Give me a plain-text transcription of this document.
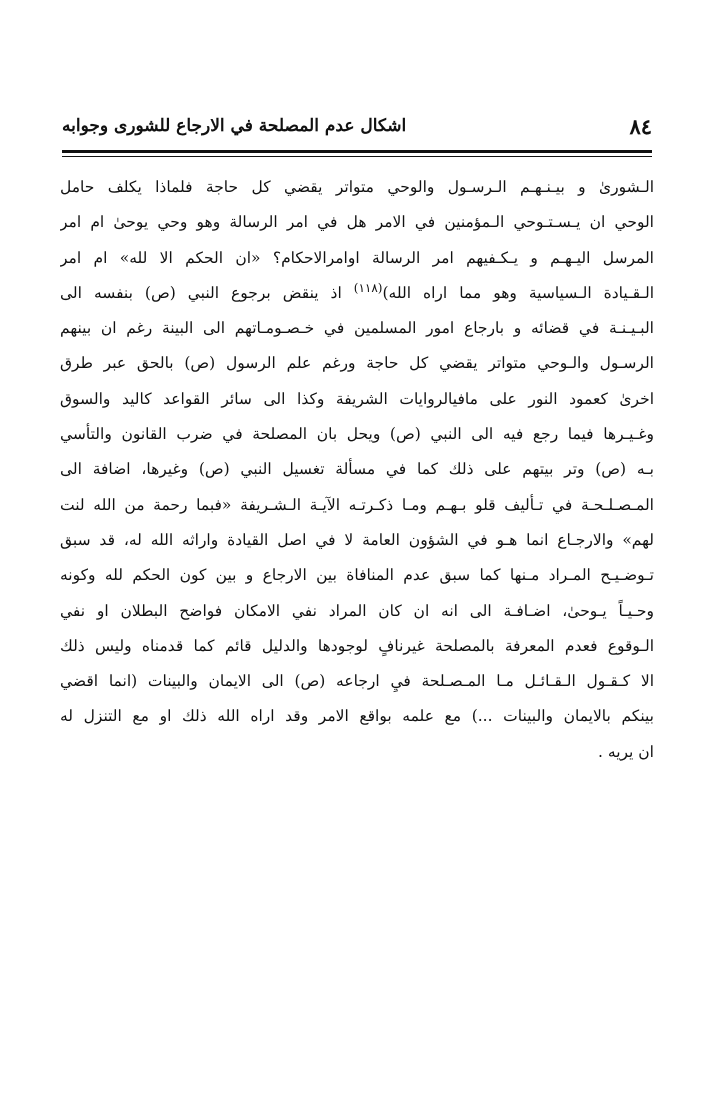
٨٤
اشكال عدم المصلحة في الارجاع للشورى وجوابه
الـشورىٰ و بيـنـهـم الـرسـول والوحي متواتر يقضي كل حاجة فلماذا يكلف حامل
الوحي ان يـسـتـوحي الـمؤمنين في الامر هل في امر الرسالة وهو وحي يوحىٰ ام امر
المرسل اليـهـم و يـكـفيهم امر الرسالة اوامرالاحكام؟ «ان الحكم الا لله» ام امر
الـقـيادة الـسياسية وهو مما اراه الله)$^{(١١٨)}$ اذ ينقض برجوع النبي (ص) بنفسه الى
البـيـنـة في قضائه و بارجاع امور المسلمين في خـصـومـاتهم الى البينة رغم ان بينهم
الرسـول والـوحي متواتر يقضي كل حاجة ورغم علم الرسول (ص) بالحق عبر طرق
اخرىٰ كعمود النور على مافيالروايات الشريفة وكذا الى سائر القواعد كاليد والسوق
وغـيـرها فيما رجع فيه الى النبي (ص) ويحل بان المصلحة في ضرب القانون والتأسي
بـه (ص) وتر بيتهم على ذلك كما في مسألة تغسيل النبي (ص) وغيرها، اضافة الى
المـصـلـحـة في تـأليف قلو بـهـم ومـا ذكـرتـه الآيـة الـشـريفة «فبما رحمة من الله لنت
لهم» والارجـاع انما هـو في الشؤون العامة لا في اصل القيادة واراثه الله له، قد سبق
تـوضـيـح المـراد مـنها كما سبق عدم المنافاة بين الارجاع و بين كون الحكم لله وكونه
وحـيـاً يـوحىٰ، اضـافـة الى انه ان كان المراد نفي الامكان فواضح البطلان او نفي
الـوقوع فعدم المعرفة بالمصلحة غيرنافٍ لوجودها والدليل قائم كما قدمناه وليس ذلك
الا كـقـول الـقـائـل مـا المـصـلحة فيِ ارجاعه (ص) الى الايمان والبينات (انما اقضي
بينكم بالايمان والبينات ...) مع علمه بواقع الامر وقد اراه الله ذلك او مع التنزل له
ان يريه .
